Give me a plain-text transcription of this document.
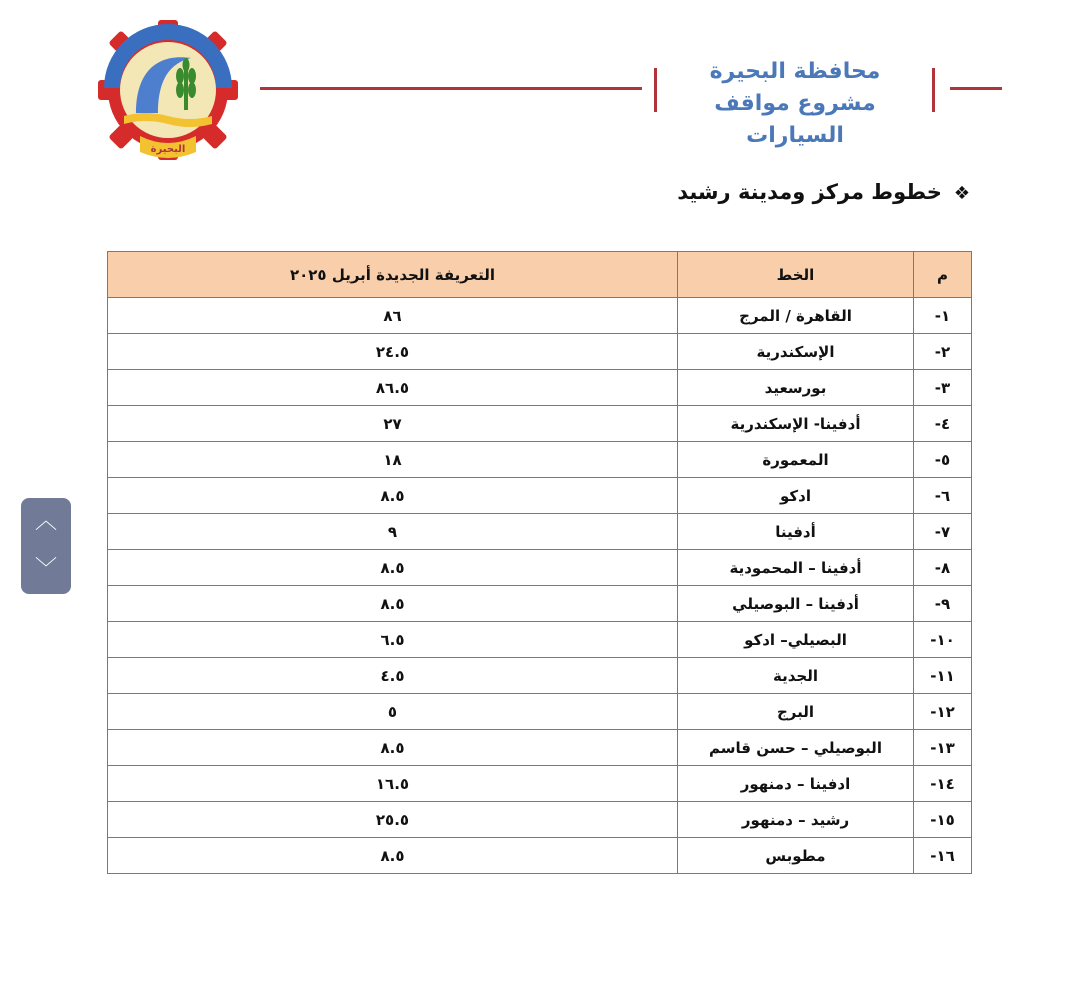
البحيرة
محافظة البحيرة
مشروع مواقف السيارات
❖خطوط مركز ومدينة رشيد
م	الخط	التعريفة الجديدة أبريل ٢٠٢٥
١-	القاهرة / المرج	٨٦
٢-	الإسكندرية	٢٤.٥
٣-	بورسعيد	٨٦.٥
٤-	أدفينا- الإسكندرية	٢٧
٥-	المعمورة	١٨
٦-	ادكو	٨.٥
٧-	أدفينا	٩
٨-	أدفينا – المحمودية	٨.٥
٩-	أدفينا – البوصيلي	٨.٥
١٠-	البصيلي– ادكو	٦.٥
١١-	الجدية	٤.٥
١٢-	البرج	٥
١٣-	البوصيلي – حسن قاسم	٨.٥
١٤-	ادفينا – دمنهور	١٦.٥
١٥-	رشيد – دمنهور	٢٥.٥
١٦-	مطوبس	٨.٥
︿
﹀
